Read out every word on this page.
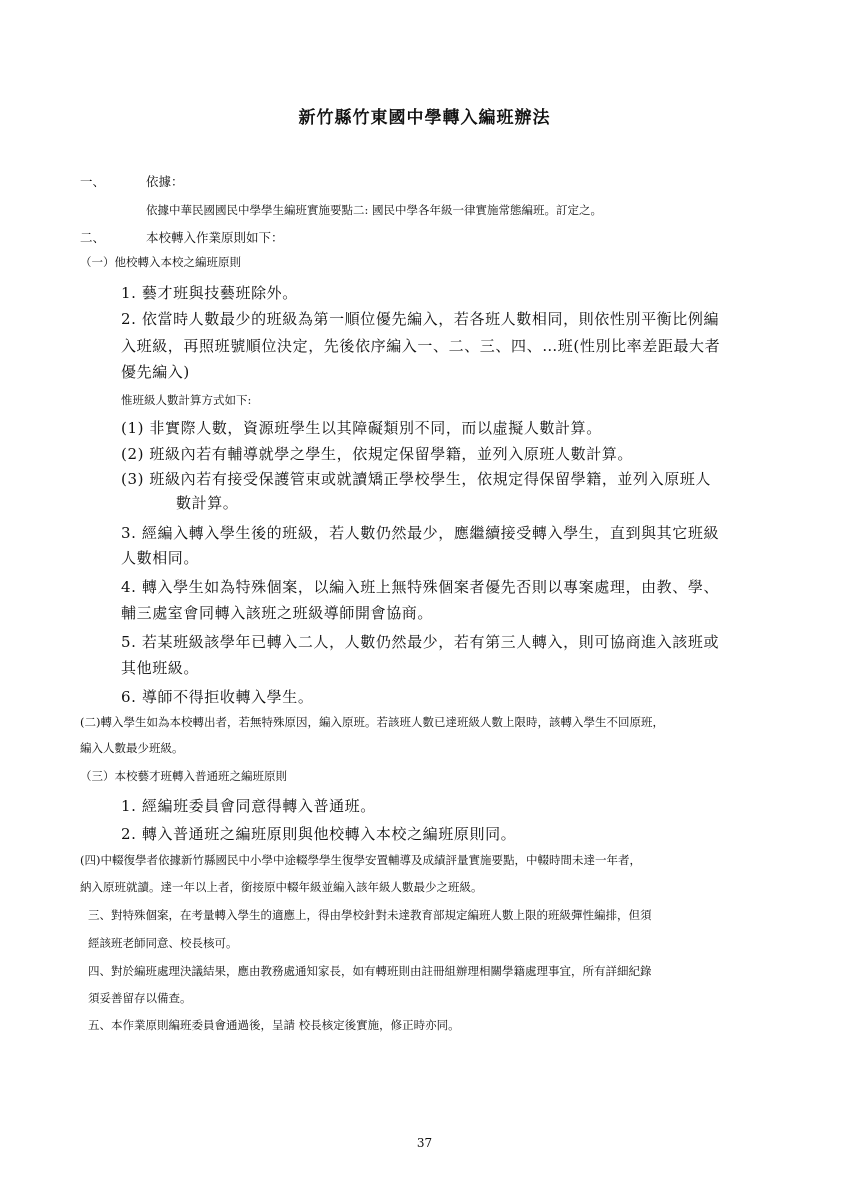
新竹縣竹東國中學轉入編班辦法
一、	依據：
依據中華民國國民中學學生編班實施要點二: 國民中學各年級一律實施常態編班。訂定之。
二、	本校轉入作業原則如下：
（一）他校轉入本校之編班原則
1. 藝才班與技藝班除外。
2. 依當時人數最少的班級為第一順位優先編入，若各班人數相同，則依性別平衡比例編
入班級，再照班號順位決定，先後依序編入一、二、三、四、…班(性別比率差距最大者
優先編入)
惟班級人數計算方式如下:
(1) 非實際人數，資源班學生以其障礙類別不同，而以虛擬人數計算。
(2) 班級內若有輔導就學之學生，依規定保留學籍，並列入原班人數計算。
(3) 班級內若有接受保護管束或就讀矯正學校學生，依規定得保留學籍，並列入原班人
數計算。
3. 經編入轉入學生後的班級，若人數仍然最少，應繼續接受轉入學生，直到與其它班級
人數相同。
4. 轉入學生如為特殊個案，以編入班上無特殊個案者優先否則以專案處理，由教、學、
輔三處室會同轉入該班之班級導師開會協商。
5. 若某班級該學年已轉入二人，人數仍然最少，若有第三人轉入，則可協商進入該班或
其他班級。
6. 導師不得拒收轉入學生。
(二)轉入學生如為本校轉出者，若無特殊原因，編入原班。若該班人數已達班級人數上限時，該轉入學生不回原班，
編入人數最少班級。
（三）本校藝才班轉入普通班之編班原則
1. 經編班委員會同意得轉入普通班。
2. 轉入普通班之編班原則與他校轉入本校之編班原則同。
(四)中輟復學者依據新竹縣國民中小學中途輟學學生復學安置輔導及成績評量實施要點，中輟時間未達一年者，
納入原班就讀。達一年以上者，銜接原中輟年級並編入該年級人數最少之班級。
三、對特殊個案，在考量轉入學生的適應上，得由學校針對未達教育部規定編班人數上限的班級彈性編排，但須
經該班老師同意、校長核可。
四、對於編班處理決議結果，應由教務處通知家長，如有轉班則由註冊組辦理相關學籍處理事宜，所有詳細紀錄
須妥善留存以備查。
五、本作業原則編班委員會通過後，呈請 校長核定後實施，修正時亦同。
37
